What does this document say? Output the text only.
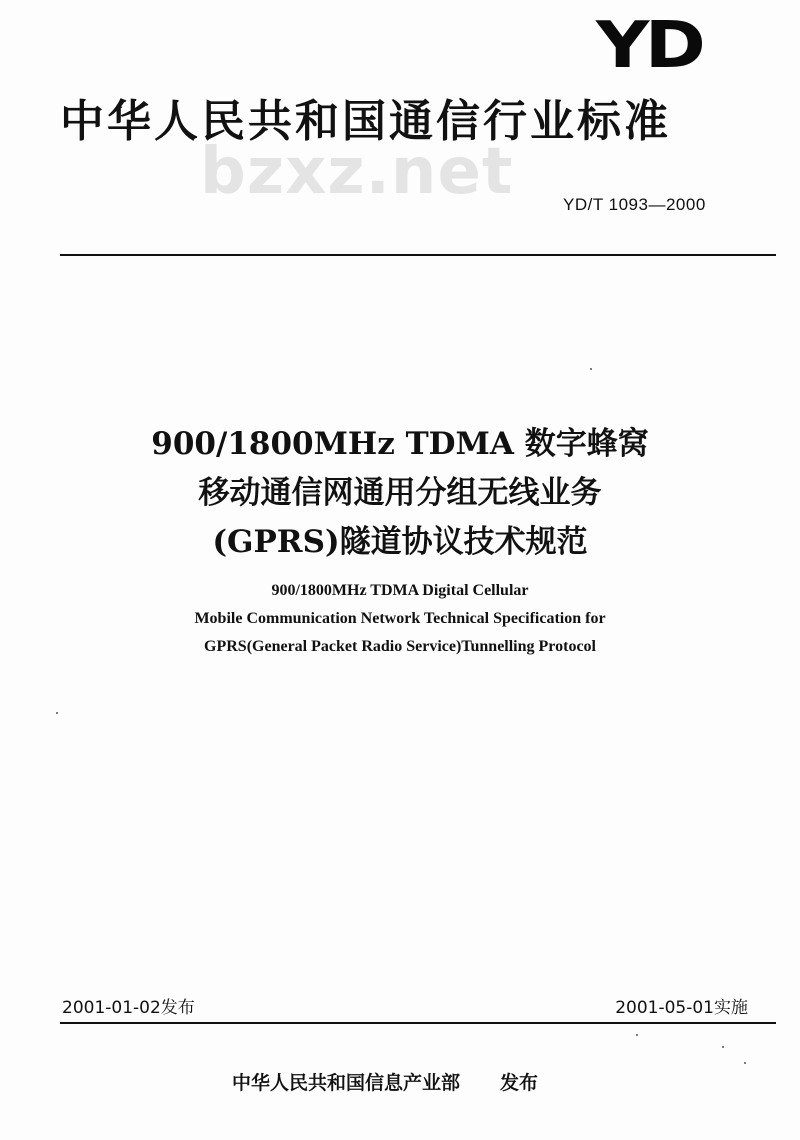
YD
bzxz.net
中华人民共和国通信行业标准
YD/T 1093—2000
900/1800MHz TDMA 数字蜂窝
移动通信网通用分组无线业务
(GPRS)隧道协议技术规范
900/1800MHz TDMA Digital Cellular
Mobile Communication Network Technical Specification for
GPRS(General Packet Radio Service)Tunnelling Protocol
2001-01-02发布	2001-05-01实施
中华人民共和国信息产业部 发布
